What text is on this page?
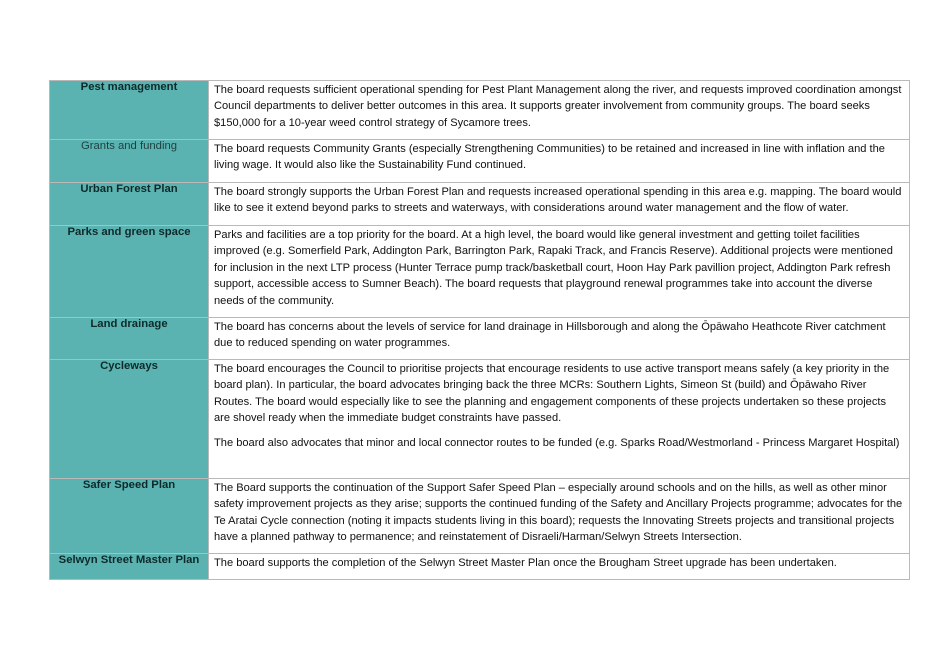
Pest management	The board requests sufficient operational spending for Pest Plant Management along the river, and requests improved coordination amongst Council departments to deliver better outcomes in this area. It supports greater involvement from community groups. The board seeks $150,000 for a 10-year weed control strategy of Sycamore trees.

Grants and funding	The board requests Community Grants (especially Strengthening Communities) to be retained and increased in line with inflation and the living wage. It would also like the Sustainability Fund continued.

Urban Forest Plan	The board strongly supports the Urban Forest Plan and requests increased operational spending in this area e.g. mapping. The board would like to see it extend beyond parks to streets and waterways, with considerations around water management and the flow of water.

Parks and green space	Parks and facilities are a top priority for the board. At a high level, the board would like general investment and getting toilet facilities improved (e.g. Somerfield Park, Addington Park, Barrington Park, Rapaki Track, and Francis Reserve). Additional projects were mentioned for inclusion in the next LTP process (Hunter Terrace pump track/basketball court, Hoon Hay Park pavillion project, Addington Park refresh support, accessible access to Sumner Beach). The board requests that playground renewal programmes take into account the diverse needs of the community.

Land drainage	The board has concerns about the levels of service for land drainage in Hillsborough and along the Ōpāwaho Heathcote River catchment due to reduced spending on water programmes.

Cycleways	The board encourages the Council to prioritise projects that encourage residents to use active transport means safely (a key priority in the board plan). In particular, the board advocates bringing back the three MCRs: Southern Lights, Simeon St (build) and Ōpāwaho River Routes. The board would especially like to see the planning and engagement components of these projects undertaken so these projects are shovel ready when the immediate budget constraints have passed.

The board also advocates that minor and local connector routes to be funded (e.g. Sparks Road/Westmorland - Princess Margaret Hospital)

Safer Speed Plan	The Board supports the continuation of the Support Safer Speed Plan – especially around schools and on the hills, as well as other minor safety improvement projects as they arise; supports the continued funding of the Safety and Ancillary Projects programme; advocates for the Te Aratai Cycle connection (noting it impacts students living in this board); requests the Innovating Streets projects and transitional projects have a planned pathway to permanence; and reinstatement of Disraeli/Harman/Selwyn Streets Intersection.

Selwyn Street Master Plan	The board supports the completion of the Selwyn Street Master Plan once the Brougham Street upgrade has been undertaken.
